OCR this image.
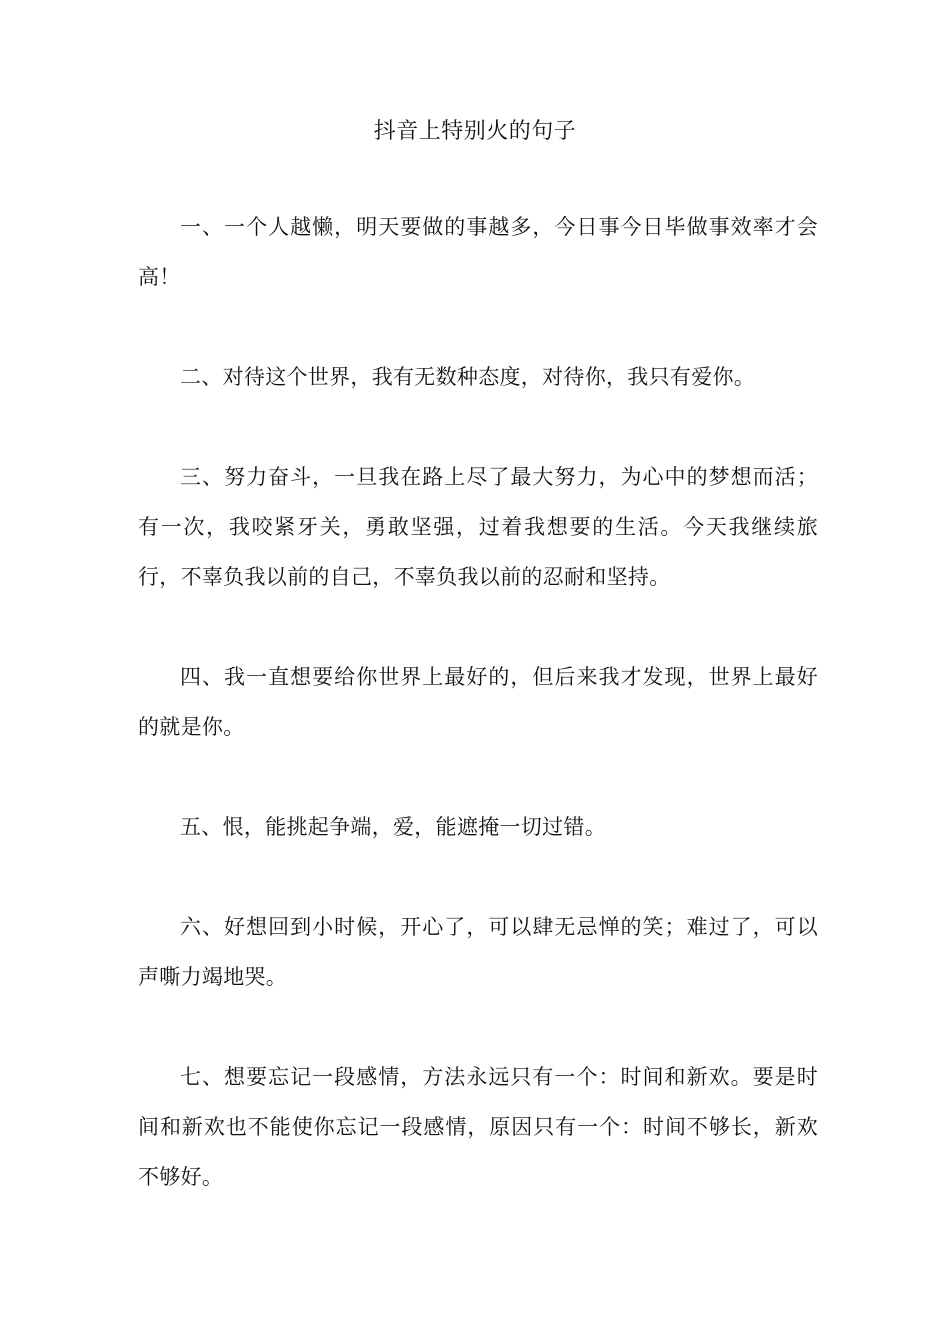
抖音上特别火的句子

一、一个人越懒，明天要做的事越多，今日事今日毕做事效率才会高！

二、对待这个世界，我有无数种态度，对待你，我只有爱你。

三、努力奋斗，一旦我在路上尽了最大努力，为心中的梦想而活；有一次，我咬紧牙关，勇敢坚强，过着我想要的生活。今天我继续旅行，不辜负我以前的自己，不辜负我以前的忍耐和坚持。

四、我一直想要给你世界上最好的，但后来我才发现，世界上最好的就是你。

五、恨，能挑起争端，爱，能遮掩一切过错。

六、好想回到小时候，开心了，可以肆无忌惮的笑；难过了，可以声嘶力竭地哭。

七、想要忘记一段感情，方法永远只有一个：时间和新欢。要是时间和新欢也不能使你忘记一段感情，原因只有一个：时间不够长，新欢不够好。
